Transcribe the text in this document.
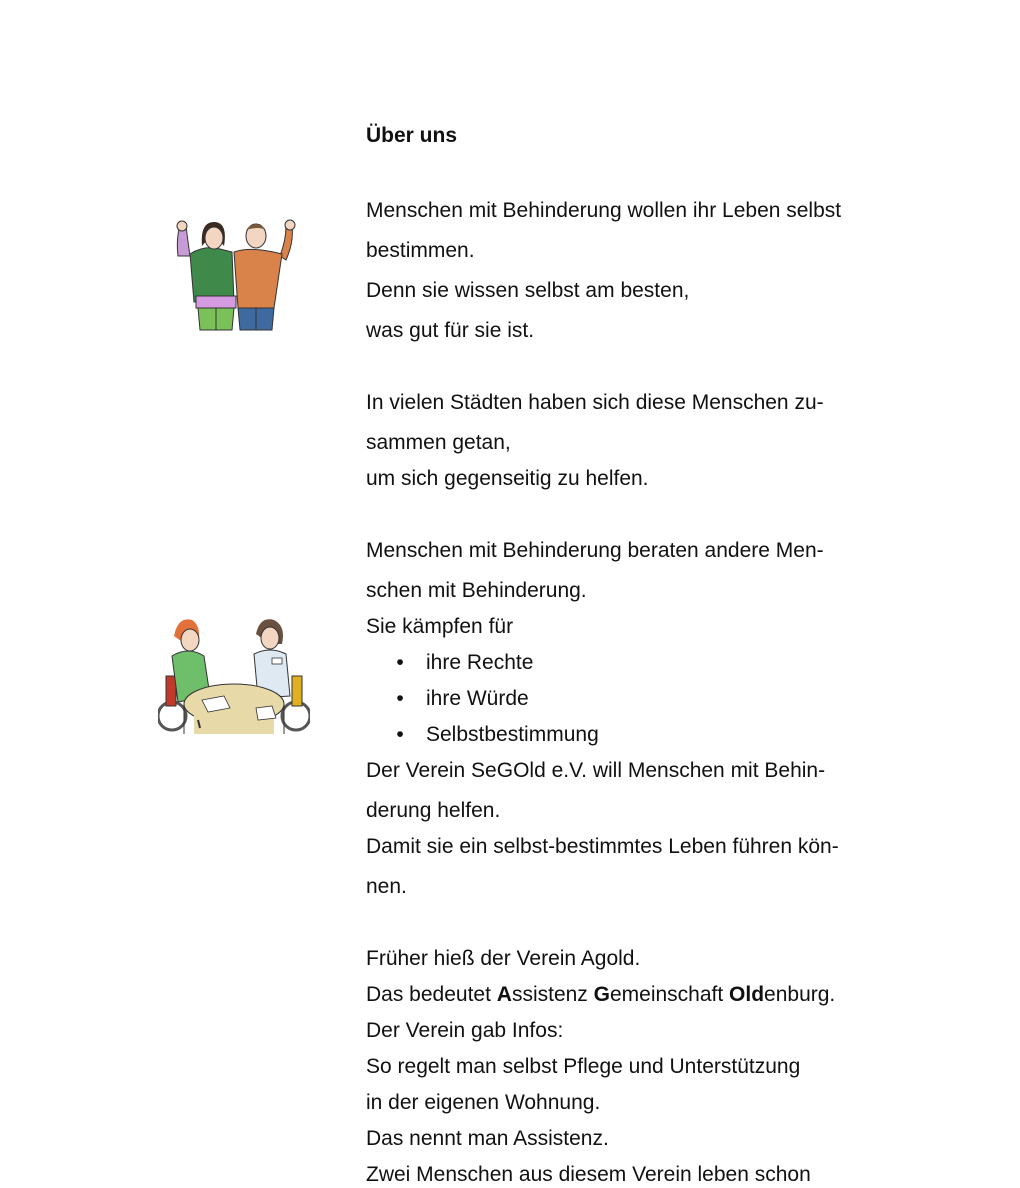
Über uns

Menschen mit Behinderung wollen ihr Leben selbst

bestimmen.

Denn sie wissen selbst am besten,

was gut für sie ist.

In vielen Städten haben sich diese Menschen zu-

sammen getan,

um sich gegenseitig zu helfen.

Menschen mit Behinderung beraten andere Men-

schen mit Behinderung.

Sie kämpfen für

• ihre Rechte
• ihre Würde
• Selbstbestimmung

Der Verein SeGOld e.V. will Menschen mit Behin-

derung helfen.

Damit sie ein selbst-bestimmtes Leben führen kön-

nen.

Früher hieß der Verein Agold.

Das bedeutet Assistenz Gemeinschaft Oldenburg.

Der Verein gab Infos:

So regelt man selbst Pflege und Unterstützung

in der eigenen Wohnung.

Das nennt man Assistenz.

Zwei Menschen aus diesem Verein leben schon
